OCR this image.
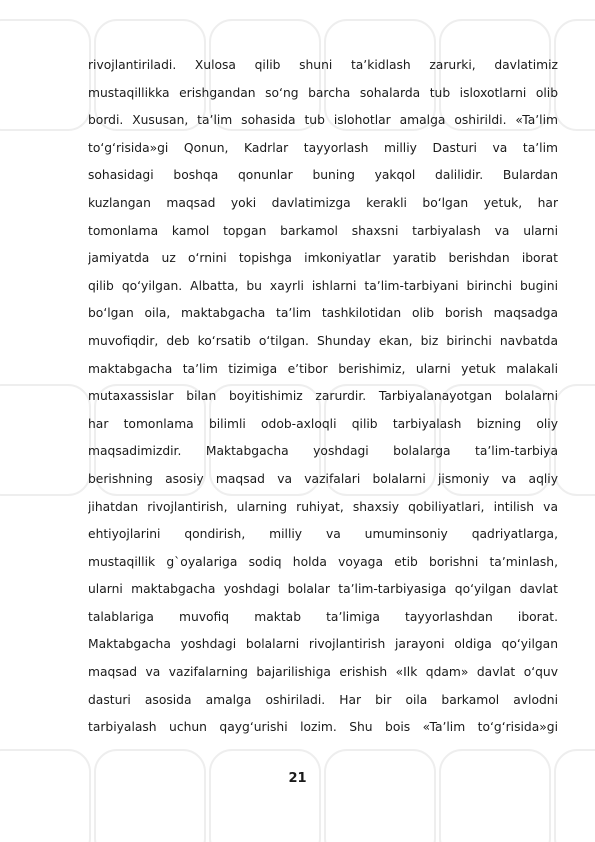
rivojlantiriladi. Xulosa qilib shuni taʼkidlash zarurki, davlatimiz
mustaqillikka erishgandan soʻng barcha sohalarda tub isloxotlarni olib
bordi. Xususan, taʼlim sohasida tub islohotlar amalga oshirildi. «Taʼlim
toʻgʻrisida»gi Qonun, Kadrlar tayyorlash milliy Dasturi va taʼlim
sohasidagi boshqa qonunlar buning yakqol dalilidir. Bulardan
kuzlangan maqsad yoki davlatimizga kerakli boʻlgan yetuk, har
tomonlama kamol topgan barkamol shaxsni tarbiyalash va ularni
jamiyatda uz oʻrnini topishga imkoniyatlar yaratib berishdan iborat
qilib qoʻyilgan. Albatta, bu xayrli ishlarni taʼlim-tarbiyani birinchi bugini
boʻlgan oila, maktabgacha taʼlim tashkilotidan olib borish maqsadga
muvofiqdir, deb koʻrsatib oʻtilgan. Shunday ekan, biz birinchi navbatda
maktabgacha taʼlim tizimiga eʼtibor berishimiz, ularni yetuk malakali
mutaxassislar bilan boyitishimiz zarurdir. Tarbiyalanayotgan bolalarni
har tomonlama bilimli odob-axloqli qilib tarbiyalash bizning oliy
maqsadimizdir. Maktabgacha yoshdagi bolalarga taʼlim-tarbiya
berishning asosiy maqsad va vazifalari bolalarni jismoniy va aqliy
jihatdan rivojlantirish, ularning ruhiyat, shaxsiy qobiliyatlari, intilish va
ehtiyojlarini qondirish, milliy va umuminsoniy qadriyatlarga,
mustaqillik g`oyalariga sodiq holda voyaga etib borishni taʼminlash,
ularni maktabgacha yoshdagi bolalar taʼlim-tarbiyasiga qoʻyilgan davlat
talablariga muvofiq maktab taʼlimiga tayyorlashdan iborat.
Maktabgacha yoshdagi bolalarni rivojlantirish jarayoni oldiga qoʻyilgan
maqsad va vazifalarning bajarilishiga erishish «Ilk qdam» davlat oʻquv
dasturi asosida amalga oshiriladi. Har bir oila barkamol avlodni
tarbiyalash uchun qaygʻurishi lozim. Shu bois «Taʼlim toʻgʻrisida»gi
21
